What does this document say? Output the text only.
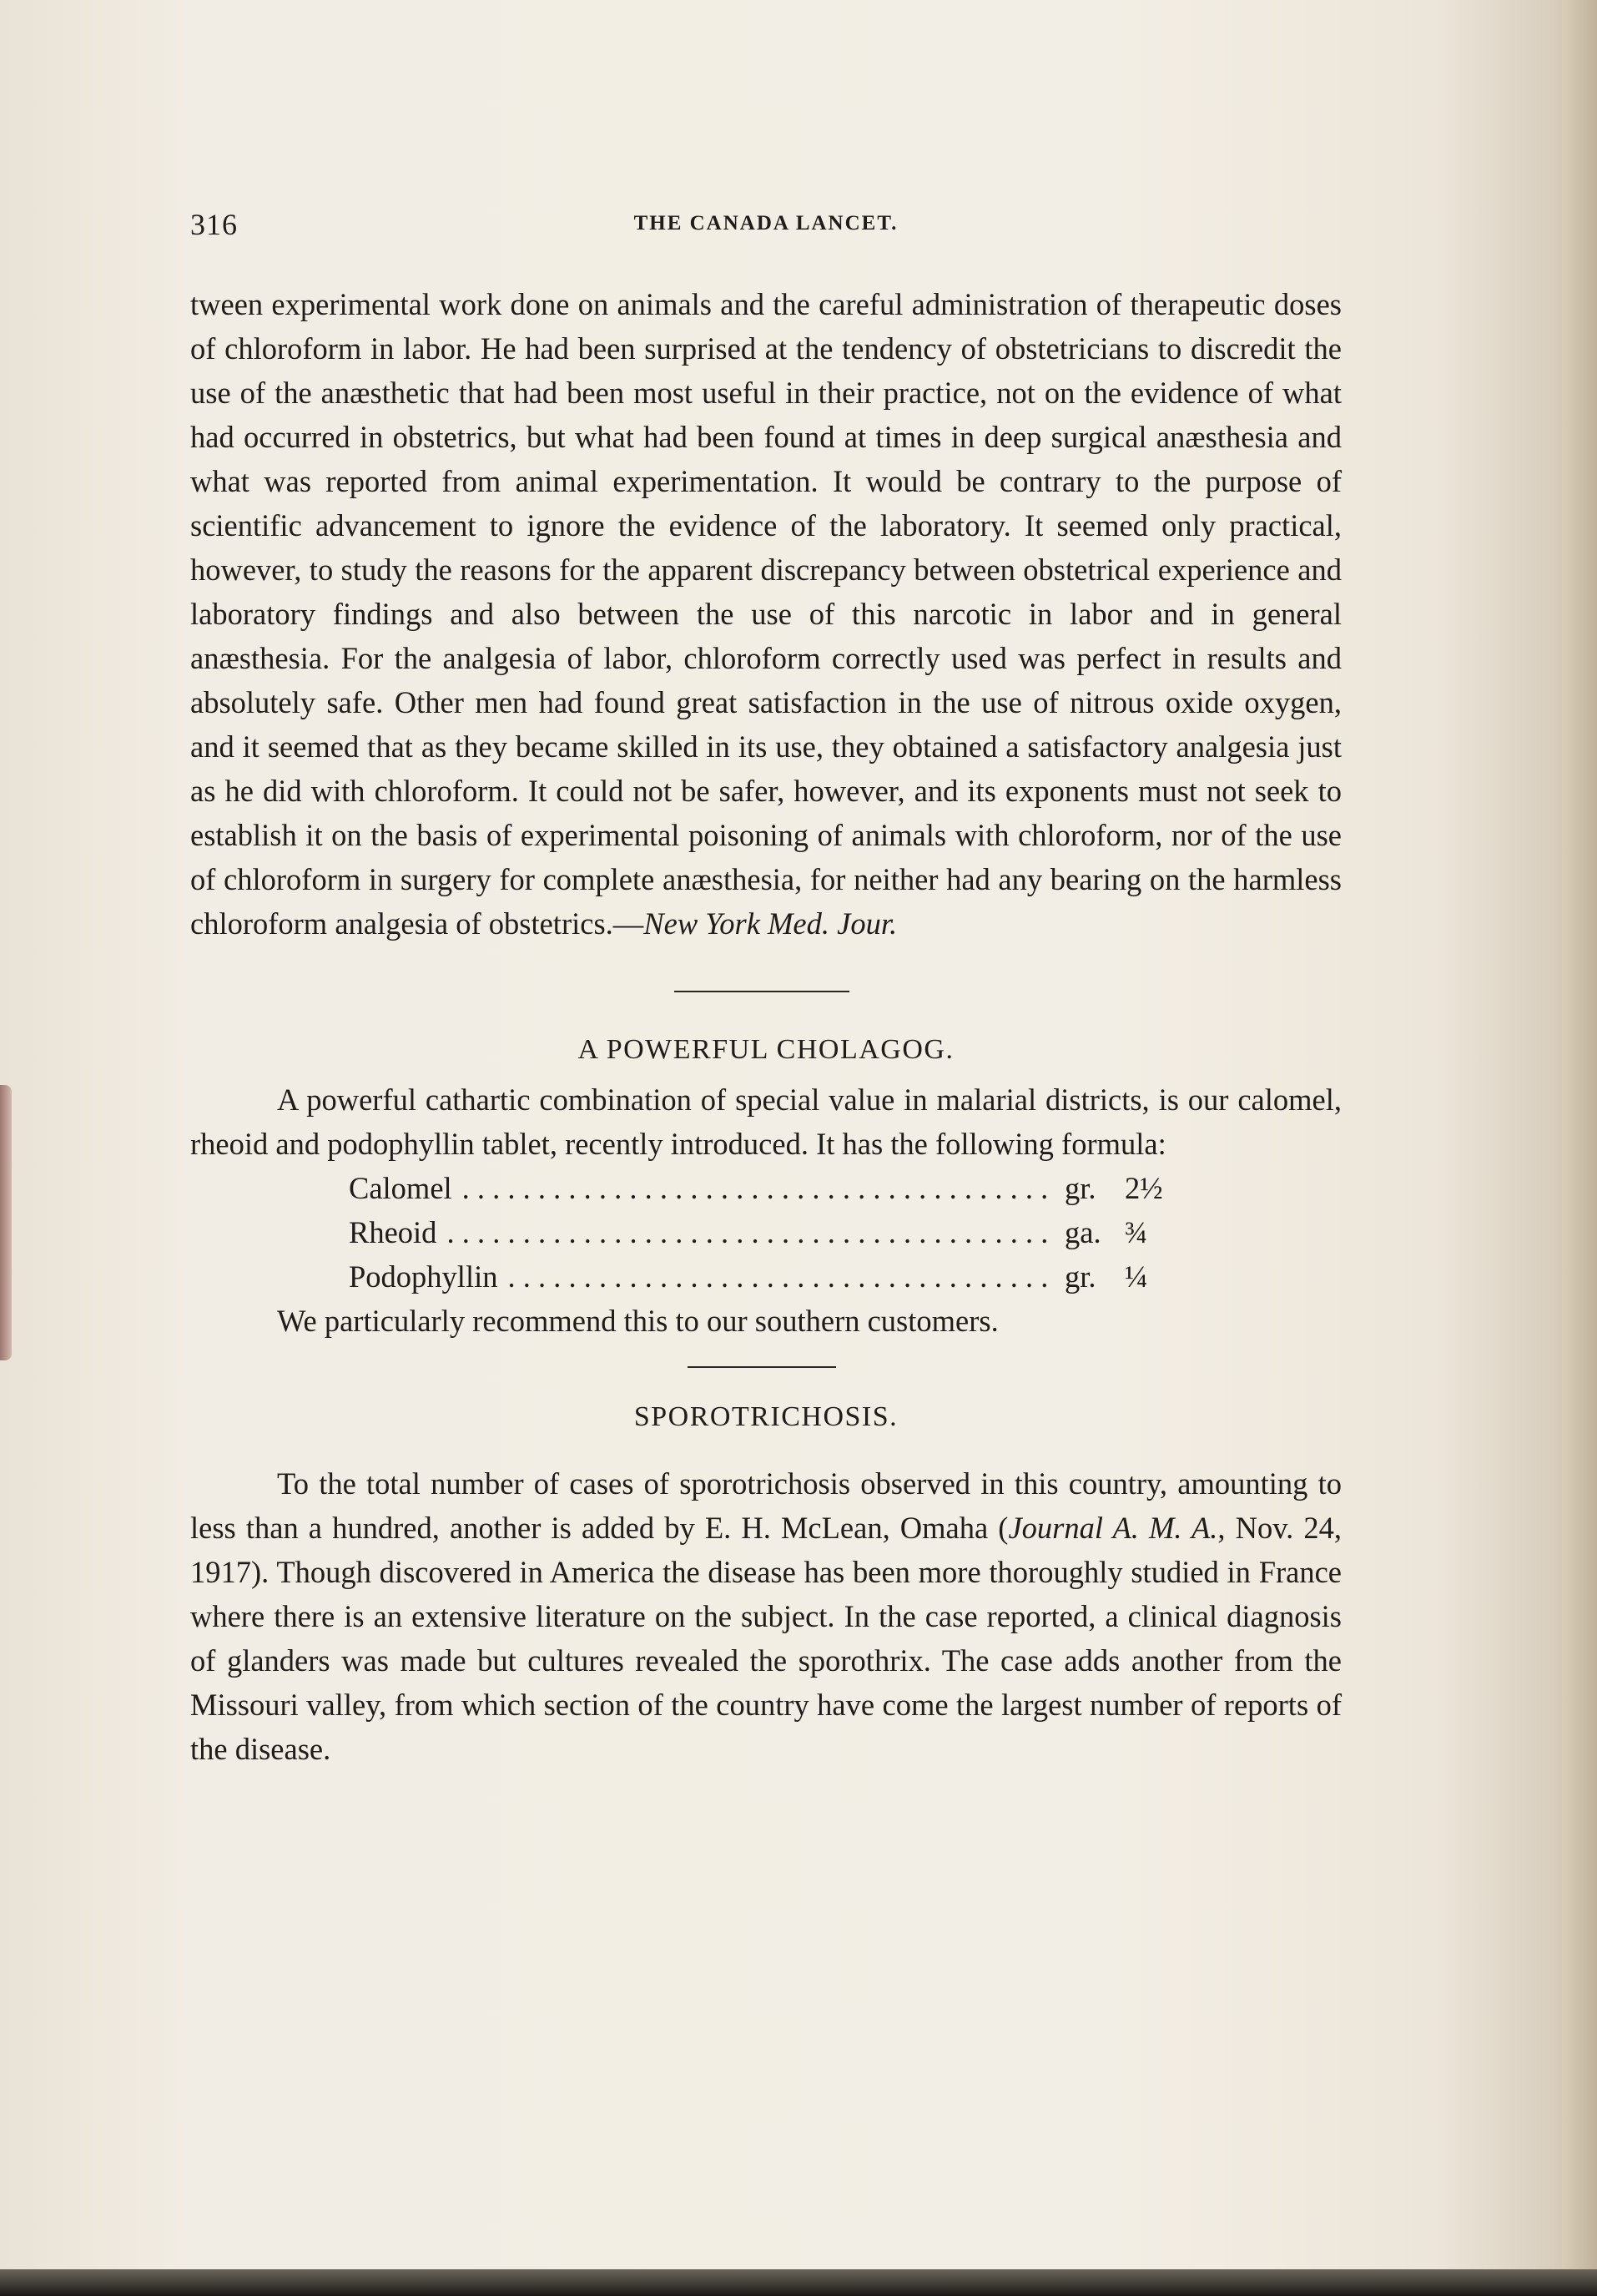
316	THE CANADA LANCET.

tween experimental work done on animals and the careful administration of therapeutic doses of chloroform in labor. He had been surprised at the tendency of obstetricians to discredit the use of the anæsthetic that had been most useful in their practice, not on the evidence of what had occurred in obstetrics, but what had been found at times in deep surgical anæsthesia and what was reported from animal experimentation. It would be contrary to the purpose of scientific advancement to ignore the evidence of the laboratory. It seemed only practical, however, to study the reasons for the apparent discrepancy between obstetrical experience and laboratory findings and also between the use of this narcotic in labor and in general anæsthesia. For the analgesia of labor, chloroform correctly used was perfect in results and absolutely safe. Other men had found great satisfaction in the use of nitrous oxide oxygen, and it seemed that as they became skilled in its use, they obtained a satisfactory analgesia just as he did with chloroform. It could not be safer, however, and its exponents must not seek to establish it on the basis of experimental poisoning of animals with chloroform, nor of the use of chloroform in surgery for complete anæsthesia, for neither had any bearing on the harmless chloroform analgesia of obstetrics.—New York Med. Jour.

A POWERFUL CHOLAGOG.

A powerful cathartic combination of special value in malarial districts, is our calomel, rheoid and podophyllin tablet, recently introduced. It has the following formula:

Calomel . . .	gr. 2½
Rheoid . . .	ga. ¾
Podophyllin . . .	gr. ¼

We particularly recommend this to our southern customers.

SPOROTRICHOSIS.

To the total number of cases of sporotrichosis observed in this country, amounting to less than a hundred, another is added by E. H. McLean, Omaha (Journal A. M. A., Nov. 24, 1917). Though discovered in America the disease has been more thoroughly studied in France where there is an extensive literature on the subject. In the case reported, a clinical diagnosis of glanders was made but cultures revealed the sporothrix. The case adds another from the Missouri valley, from which section of the country have come the largest number of reports of the disease.
